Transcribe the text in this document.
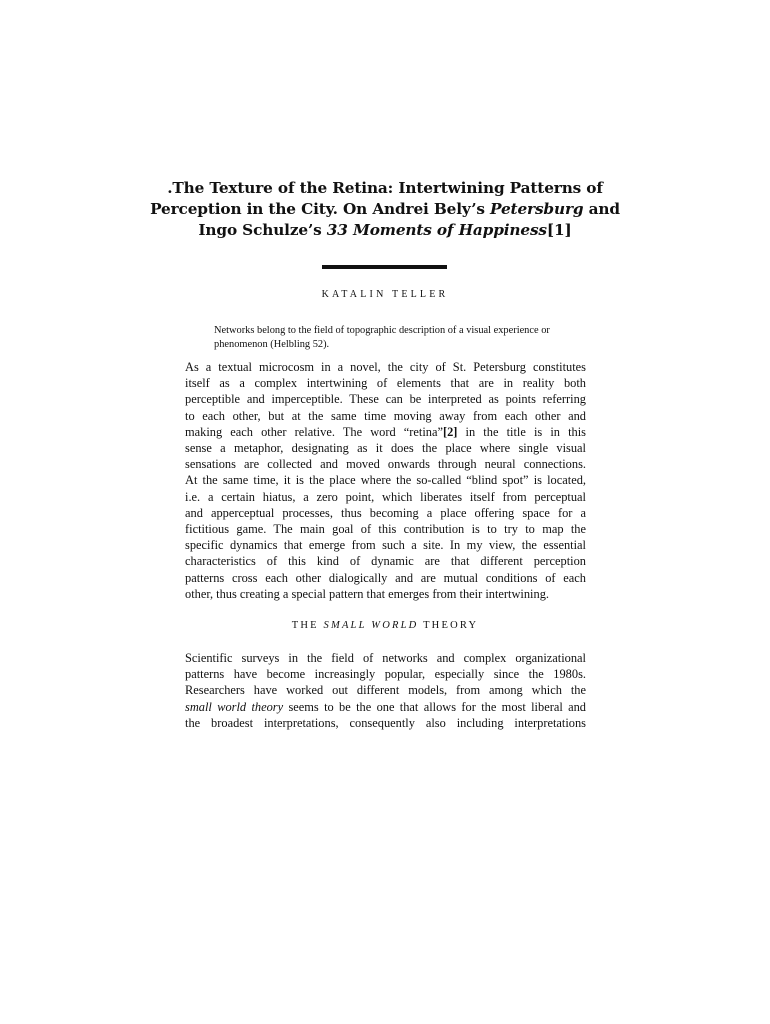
.The Texture of the Retina: Intertwining Patterns of
Perception in the City. On Andrei Bely’s Petersburg and
Ingo Schulze’s 33 Moments of Happiness[1]
KATALIN TELLER
Networks belong to the field of topographic description of a visual experience or
phenomenon (Helbling 52).
As a textual microcosm in a novel, the city of St. Petersburg constitutes
itself as a complex intertwining of elements that are in reality both
perceptible and imperceptible. These can be interpreted as points referring
to each other, but at the same time moving away from each other and
making each other relative. The word “retina”[2] in the title is in this
sense a metaphor, designating as it does the place where single visual
sensations are collected and moved onwards through neural connections.
At the same time, it is the place where the so-called “blind spot” is located,
i.e. a certain hiatus, a zero point, which liberates itself from perceptual
and apperceptual processes, thus becoming a place offering space for a
fictitious game. The main goal of this contribution is to try to map the
specific dynamics that emerge from such a site. In my view, the essential
characteristics of this kind of dynamic are that different perception
patterns cross each other dialogically and are mutual conditions of each
other, thus creating a special pattern that emerges from their intertwining.
THE SMALL WORLD THEORY
Scientific surveys in the field of networks and complex organizational
patterns have become increasingly popular, especially since the 1980s.
Researchers have worked out different models, from among which the
small world theory seems to be the one that allows for the most liberal and
the broadest interpretations, consequently also including interpretations
